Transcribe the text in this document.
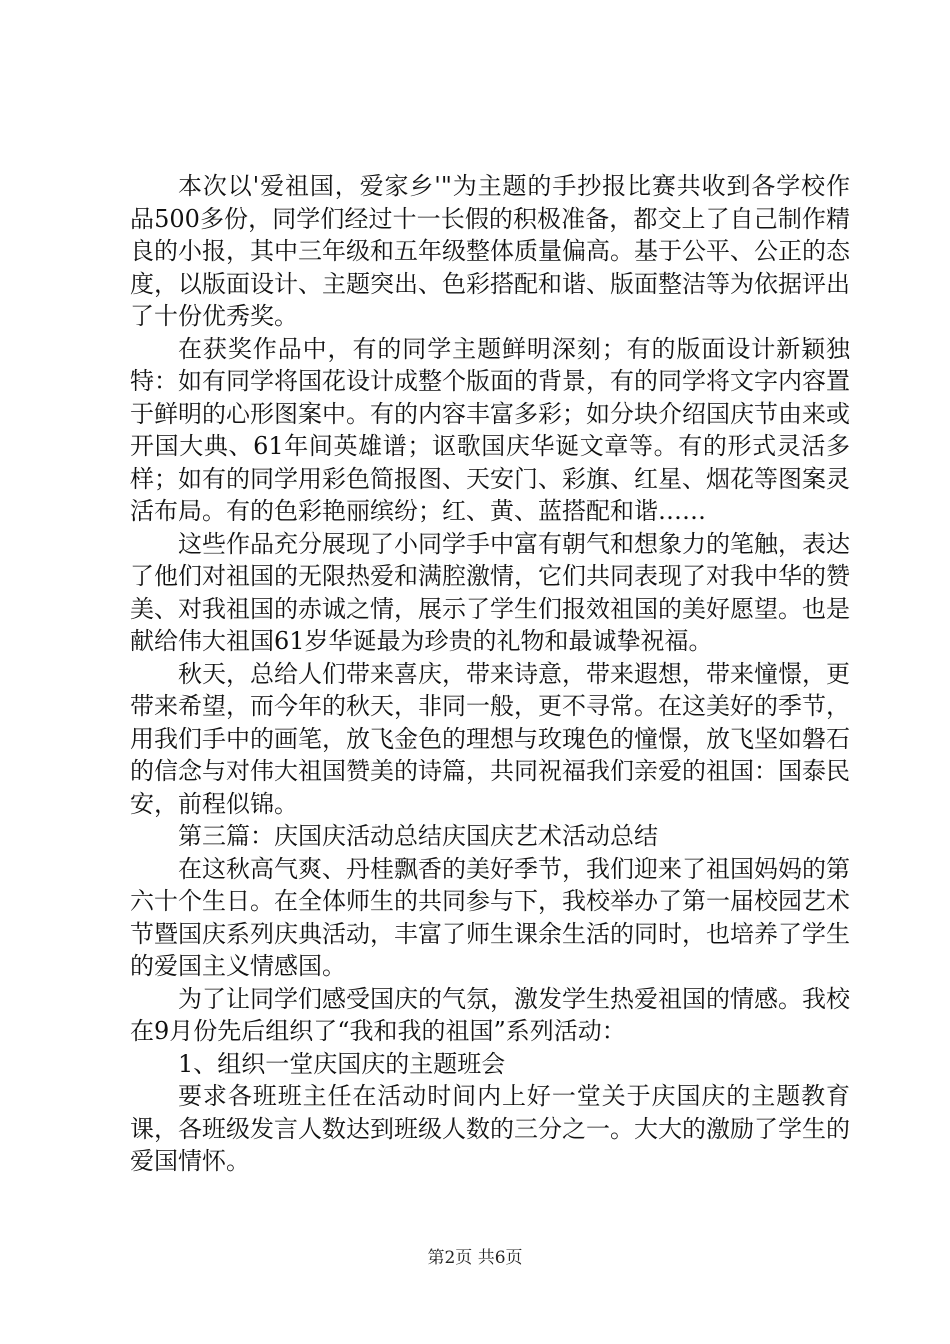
本次以'爱祖国，爱家乡'"为主题的手抄报比赛共收到各学校作品500多份，同学们经过十一长假的积极准备，都交上了自己制作精良的小报，其中三年级和五年级整体质量偏高。基于公平、公正的态度，以版面设计、主题突出、色彩搭配和谐、版面整洁等为依据评出了十份优秀奖。

在获奖作品中，有的同学主题鲜明深刻；有的版面设计新颖独特：如有同学将国花设计成整个版面的背景，有的同学将文字内容置于鲜明的心形图案中。有的内容丰富多彩；如分块介绍国庆节由来或开国大典、61年间英雄谱；讴歌国庆华诞文章等。有的形式灵活多样；如有的同学用彩色简报图、天安门、彩旗、红星、烟花等图案灵活布局。有的色彩艳丽缤纷；红、黄、蓝搭配和谐……

这些作品充分展现了小同学手中富有朝气和想象力的笔触，表达了他们对祖国的无限热爱和满腔激情，它们共同表现了对我中华的赞美、对我祖国的赤诚之情，展示了学生们报效祖国的美好愿望。也是献给伟大祖国61岁华诞最为珍贵的礼物和最诚挚祝福。

秋天，总给人们带来喜庆，带来诗意，带来遐想，带来憧憬，更带来希望，而今年的秋天，非同一般，更不寻常。在这美好的季节，用我们手中的画笔，放飞金色的理想与玫瑰色的憧憬，放飞坚如磐石的信念与对伟大祖国赞美的诗篇，共同祝福我们亲爱的祖国：国泰民安，前程似锦。

第三篇：庆国庆活动总结庆国庆艺术活动总结

在这秋高气爽、丹桂飘香的美好季节，我们迎来了祖国妈妈的第六十个生日。在全体师生的共同参与下，我校举办了第一届校园艺术节暨国庆系列庆典活动，丰富了师生课余生活的同时，也培养了学生的爱国主义情感国。

为了让同学们感受国庆的气氛，激发学生热爱祖国的情感。我校在9月份先后组织了“我和我的祖国”系列活动：

1、组织一堂庆国庆的主题班会

要求各班班主任在活动时间内上好一堂关于庆国庆的主题教育课，各班级发言人数达到班级人数的三分之一。大大的激励了学生的爱国情怀。

第2页 共6页
